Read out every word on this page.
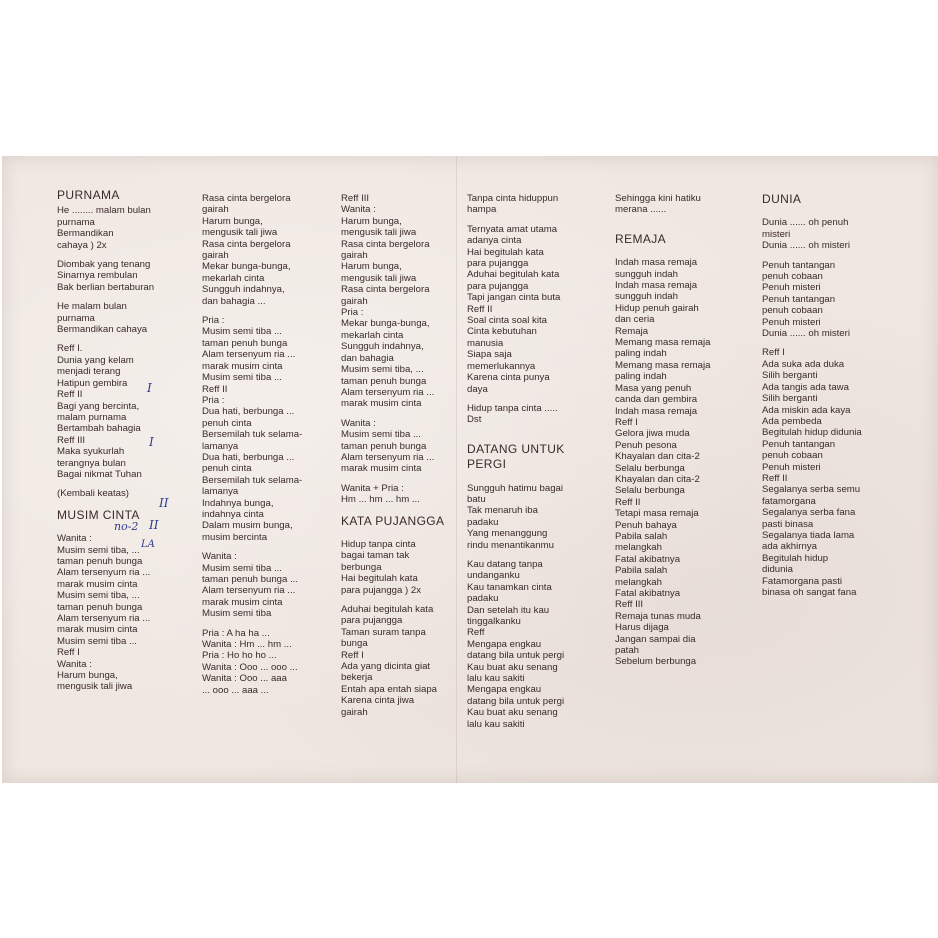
PURNAMA

He ........ malam bulan

purnama

Bermandikan

cahaya ) 2x

Diombak yang tenang

Sinarnya rembulan

Bak berlian bertaburan

He malam bulan

purnama

Bermandikan cahaya

Reff I.

Dunia yang kelam

menjadi terang

Hatipun gembira

Reff II

Bagi yang bercinta,

malam purnama

Bertambah bahagia

Reff III

Maka syukurlah

terangnya bulan

Bagai nikmat Tuhan

(Kembali keatas)

MUSIM CINTA

Wanita :

Musim semi tiba, ...

taman penuh bunga

Alam tersenyum ria ...

marak musim cinta

Musim semi tiba, ...

taman penuh bunga

Alam tersenyum ria ...

marak musim cinta

Musim semi tiba ...

Reff I

Wanita :

Harum bunga,

mengusik tali jiwa

Rasa cinta bergelora

gairah

Harum bunga,

mengusik tali jiwa

Rasa cinta bergelora

gairah

Mekar bunga-bunga,

mekarlah cinta

Sungguh indahnya,

dan bahagia ...

Pria :

Musim semi tiba ...

taman penuh bunga

Alam tersenyum ria ...

marak musim cinta

Musim semi tiba ...

Reff II

Pria :

Dua hati, berbunga ...

penuh cinta

Bersemilah tuk selama-

lamanya

Dua hati, berbunga ...

penuh cinta

Bersemilah tuk selama-

lamanya

Indahnya bunga,

indahnya cinta

Dalam musim bunga,

musim bercinta

Wanita :

Musim semi tiba ...

taman penuh bunga ...

Alam tersenyum ria ...

marak musim cinta

Musim semi tiba

Pria : A ha ha ...

Wanita : Hm ... hm ...

Pria : Ho ho ho ...

Wanita : Ooo ... ooo ...

Wanita : Ooo ... aaa

... ooo ... aaa ...

Reff III

Wanita :

Harum bunga,

mengusik tali jiwa

Rasa cinta bergelora

gairah

Harum bunga,

mengusik tali jiwa

Rasa cinta bergelora

gairah

Pria :

Mekar bunga-bunga,

mekarlah cinta

Sungguh indahnya,

dan bahagia

Musim semi tiba, ...

taman penuh bunga

Alam tersenyum ria ...

marak musim cinta

Wanita :

Musim semi tiba ...

taman penuh bunga

Alam tersenyum ria ...

marak musim cinta

Wanita + Pria :

Hm ... hm ... hm ...

KATA PUJANGGA

Hidup tanpa cinta

bagai taman tak

berbunga

Hai begitulah kata

para pujangga ) 2x

Aduhai begitulah kata

para pujangga

Taman suram tanpa

bunga

Reff I

Ada yang dicinta giat

bekerja

Entah apa entah siapa

Karena cinta jiwa

gairah

Tanpa cinta hiduppun

hampa

Ternyata amat utama

adanya cinta

Hai begitulah kata

para pujangga

Aduhai begitulah kata

para pujangga

Tapi jangan cinta buta

Reff II

Soal cinta soal kita

Cinta kebutuhan

manusia

Siapa saja

memerlukannya

Karena cinta punya

daya

Hidup tanpa cinta .....

Dst

DATANG UNTUK

PERGI

Sungguh hatimu bagai

batu

Tak menaruh iba

padaku

Yang menanggung

rindu menantikanmu

Kau datang tanpa

undanganku

Kau tanamkan cinta

padaku

Dan setelah itu kau

tinggalkanku

Reff

Mengapa engkau

datang bila untuk pergi

Kau buat aku senang

lalu kau sakiti

Mengapa engkau

datang bila untuk pergi

Kau buat aku senang

lalu kau sakiti

Sehingga kini hatiku

merana ......

REMAJA

Indah masa remaja

sungguh indah

Indah masa remaja

sungguh indah

Hidup penuh gairah

dan ceria

Remaja

Memang masa remaja

paling indah

Memang masa remaja

paling indah

Masa yang penuh

canda dan gembira

Indah masa remaja

Reff I

Gelora jiwa muda

Penuh pesona

Khayalan dan cita-2

Selalu berbunga

Khayalan dan cita-2

Selalu berbunga

Reff II

Tetapi masa remaja

Penuh bahaya

Pabila salah

melangkah

Fatal akibatnya

Pabila salah

melangkah

Fatal akibatnya

Reff III

Remaja tunas muda

Harus dijaga

Jangan sampai dia

patah

Sebelum berbunga

DUNIA

Dunia ...... oh penuh

misteri

Dunia ...... oh misteri

Penuh tantangan

penuh cobaan

Penuh misteri

Penuh tantangan

penuh cobaan

Penuh misteri

Dunia ...... oh misteri

Reff I

Ada suka ada duka

Silih berganti

Ada tangis ada tawa

Silih berganti

Ada miskin ada kaya

Ada pembeda

Begitulah hidup didunia

Penuh tantangan

penuh cobaan

Penuh misteri

Reff II

Segalanya serba semu

fatamorgana

Segalanya serba fana

pasti binasa

Segalanya tiada lama

ada akhirnya

Begitulah hidup

didunia

Fatamorgana pasti

binasa oh sangat fana

I
I
II
no-2 II
LA
